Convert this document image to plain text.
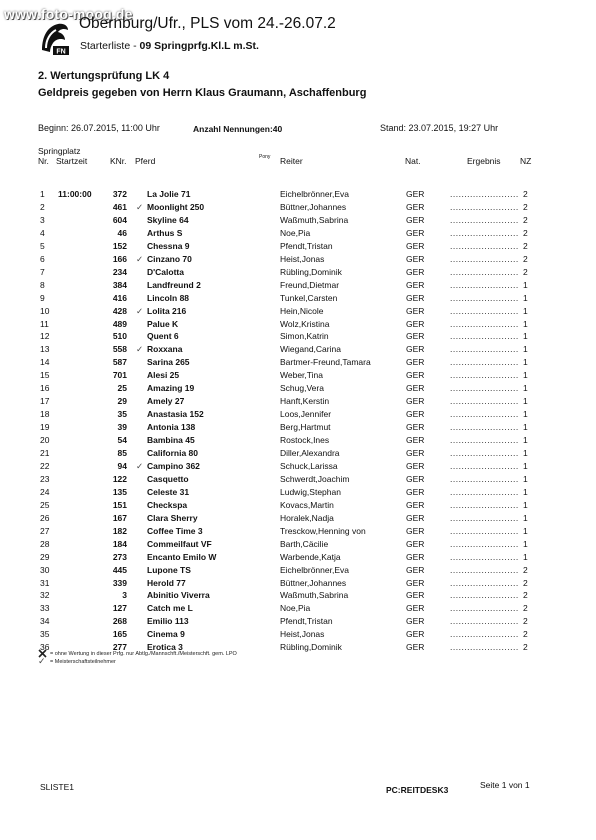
www.foto-moog.de
FN
Obernburg/Ufr., PLS vom 24.-26.07.2
Starterliste - 09 Springprfg.Kl.L m.St.
2. Wertungsprüfung LK 4
Geldpreis gegeben von Herrn Klaus Graumann, Aschaffenburg
Beginn: 26.07.2015, 11:00 Uhr	Anzahl Nennungen:40	Stand: 23.07.2015, 19:27 Uhr
Springplatz
Nr. Startzeit	KNr. Pferd	Pony Reiter	Nat.	Ergebnis NZ
1 11:00:00	372 La Jolie 71	Eichelbrönner,Eva	GER	........................ 2
2	461 ✓ Moonlight 250	Büttner,Johannes	GER	........................ 2
3	604 Skyline 64	Waßmuth,Sabrina	GER	........................ 2
4	46 Arthus S	Noe,Pia	GER	........................ 2
5	152 Chessna 9	Pfendt,Tristan	GER	........................ 2
6	166 ✓ Cinzano 70	Heist,Jonas	GER	........................ 2
7	234 D'Calotta	Rübling,Dominik	GER	........................ 2
8	384 Landfreund 2	Freund,Dietmar	GER	........................ 1
9	416 Lincoln 88	Tunkel,Carsten	GER	........................ 1
10	428 ✓ Lolita 216	Hein,Nicole	GER	........................ 1
11	489 Palue K	Wolz,Kristina	GER	........................ 1
12	510 Quent 6	Simon,Katrin	GER	........................ 1
13	558 ✓ Roxxana	Wiegand,Carina	GER	........................ 1
14	587 Sarina 265	Bartmer-Freund,Tamara	GER	........................ 1
15	701 Alesi 25	Weber,Tina	GER	........................ 1
16	25 Amazing 19	Schug,Vera	GER	........................ 1
17	29 Amely 27	Hanft,Kerstin	GER	........................ 1
18	35 Anastasia 152	Loos,Jennifer	GER	........................ 1
19	39 Antonia 138	Berg,Hartmut	GER	........................ 1
20	54 Bambina 45	Rostock,Ines	GER	........................ 1
21	85 California 80	Diller,Alexandra	GER	........................ 1
22	94 ✓ Campino 362	Schuck,Larissa	GER	........................ 1
23	122 Casquetto	Schwerdt,Joachim	GER	........................ 1
24	135 Celeste 31	Ludwig,Stephan	GER	........................ 1
25	151 Checkspa	Kovacs,Martin	GER	........................ 1
26	167 Clara Sherry	Horalek,Nadja	GER	........................ 1
27	182 Coffee Time 3	Tresckow,Henning von	GER	........................ 1
28	184 Commeilfaut VF	Barth,Cäcilie	GER	........................ 1
29	273 Encanto Emilo W	Warbende,Katja	GER	........................ 1
30	445 Lupone TS	Eichelbrönner,Eva	GER	........................ 2
31	339 Herold 77	Büttner,Johannes	GER	........................ 2
32	3 Abinitio Viverra	Waßmuth,Sabrina	GER	........................ 2
33	127 Catch me L	Noe,Pia	GER	........................ 2
34	268 Emilio 113	Pfendt,Tristan	GER	........................ 2
35	165 Cinema 9	Heist,Jonas	GER	........................ 2
36	277 Erotica 3	Rübling,Dominik	GER	........................ 2
= ohne Wertung in dieser Prfg. nur Abtlg./Mannschft./Meisterschft. gem. LPO
✓ = Meisterschaftsteilnehmer
SLISTE1	PC:REITDESK3	Seite 1 von 1
